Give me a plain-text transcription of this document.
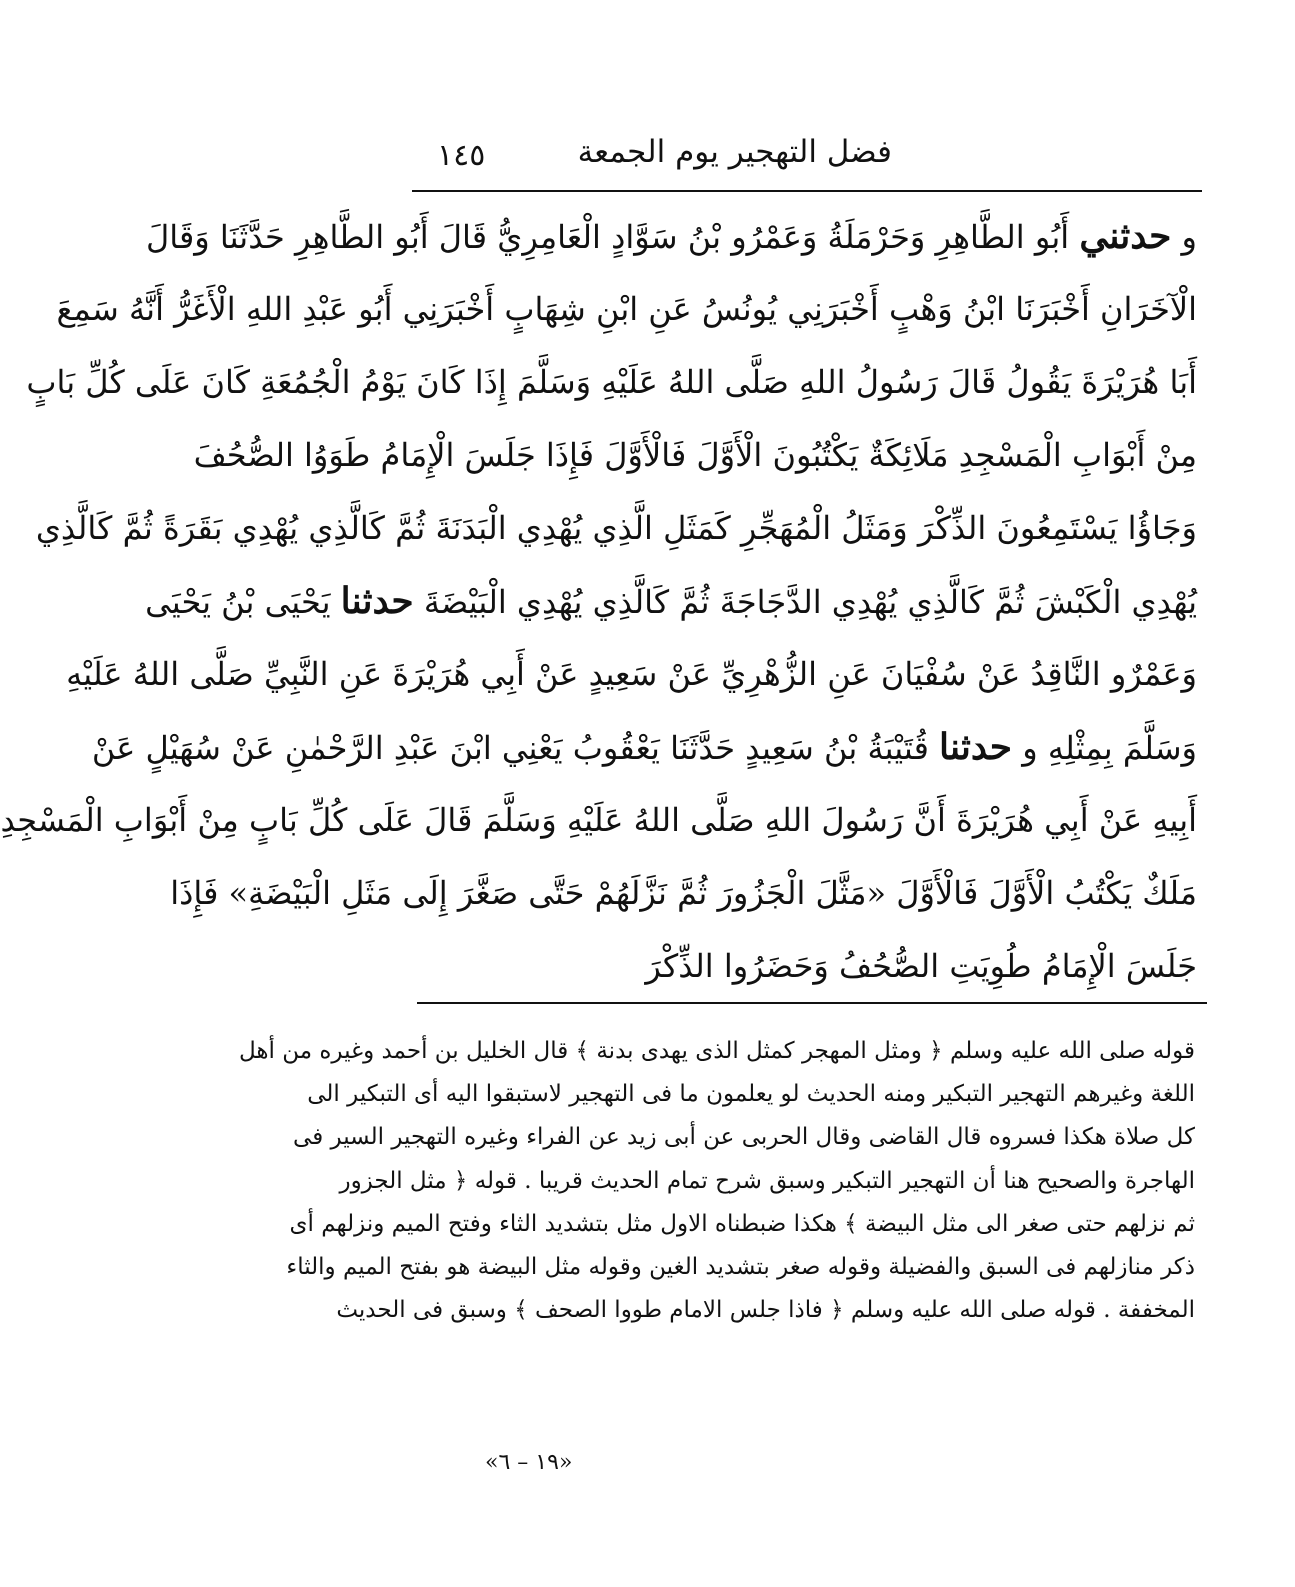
فضل التهجير يوم الجمعة
١٤٥
و حدثني أَبُو الطَّاهِرِ وَحَرْمَلَةُ وَعَمْرُو بْنُ سَوَّادٍ الْعَامِرِيُّ قَالَ أَبُو الطَّاهِرِ حَدَّثَنَا وَقَالَ
الْآخَرَانِ أَخْبَرَنَا ابْنُ وَهْبٍ أَخْبَرَنِي يُونُسُ عَنِ ابْنِ شِهَابٍ أَخْبَرَنِي أَبُو عَبْدِ اللهِ الْأَغَرُّ أَنَّهُ سَمِعَ
أَبَا هُرَيْرَةَ يَقُولُ قَالَ رَسُولُ اللهِ صَلَّى اللهُ عَلَيْهِ وَسَلَّمَ إِذَا كَانَ يَوْمُ الْجُمُعَةِ كَانَ عَلَى كُلِّ بَابٍ
مِنْ أَبْوَابِ الْمَسْجِدِ مَلَائِكَةٌ يَكْتُبُونَ الْأَوَّلَ فَالْأَوَّلَ فَإِذَا جَلَسَ الْإِمَامُ طَوَوُا الصُّحُفَ
وَجَاؤُا يَسْتَمِعُونَ الذِّكْرَ وَمَثَلُ الْمُهَجِّرِ كَمَثَلِ الَّذِي يُهْدِي الْبَدَنَةَ ثُمَّ كَالَّذِي يُهْدِي بَقَرَةً ثُمَّ كَالَّذِي
يُهْدِي الْكَبْشَ ثُمَّ كَالَّذِي يُهْدِي الدَّجَاجَةَ ثُمَّ كَالَّذِي يُهْدِي الْبَيْضَةَ حدثنا يَحْيَى بْنُ يَحْيَى
وَعَمْرٌو النَّاقِدُ عَنْ سُفْيَانَ عَنِ الزُّهْرِيِّ عَنْ سَعِيدٍ عَنْ أَبِي هُرَيْرَةَ عَنِ النَّبِيِّ صَلَّى اللهُ عَلَيْهِ
وَسَلَّمَ بِمِثْلِهِ و حدثنا قُتَيْبَةُ بْنُ سَعِيدٍ حَدَّثَنَا يَعْقُوبُ يَعْنِي ابْنَ عَبْدِ الرَّحْمٰنِ عَنْ سُهَيْلٍ عَنْ
أَبِيهِ عَنْ أَبِي هُرَيْرَةَ أَنَّ رَسُولَ اللهِ صَلَّى اللهُ عَلَيْهِ وَسَلَّمَ قَالَ عَلَى كُلِّ بَابٍ مِنْ أَبْوَابِ الْمَسْجِدِ
مَلَكٌ يَكْتُبُ الْأَوَّلَ فَالْأَوَّلَ «مَثَّلَ الْجَزُورَ ثُمَّ نَزَّلَهُمْ حَتَّى صَغَّرَ إِلَى مَثَلِ الْبَيْضَةِ» فَإِذَا
جَلَسَ الْإِمَامُ طُوِيَتِ الصُّحُفُ وَحَضَرُوا الذِّكْرَ
قوله صلى الله عليه وسلم ﴿ ومثل المهجر كمثل الذى يهدى بدنة ﴾ قال الخليل بن أحمد وغيره من أهل
اللغة وغيرهم التهجير التبكير ومنه الحديث لو يعلمون ما فى التهجير لاستبقوا اليه أى التبكير الى
كل صلاة هكذا فسروه قال القاضى وقال الحربى عن أبى زيد عن الفراء وغيره التهجير السير فى
الهاجرة والصحيح هنا أن التهجير التبكير وسبق شرح تمام الحديث قريبا . قوله ﴿ مثل الجزور
ثم نزلهم حتى صغر الى مثل البيضة ﴾ هكذا ضبطناه الاول مثل بتشديد الثاء وفتح الميم ونزلهم أى
ذكر منازلهم فى السبق والفضيلة وقوله صغر بتشديد الغين وقوله مثل البيضة هو بفتح الميم والثاء
المخففة . قوله صلى الله عليه وسلم ﴿ فاذا جلس الامام طووا الصحف ﴾ وسبق فى الحديث
«١٩ – ٦»
